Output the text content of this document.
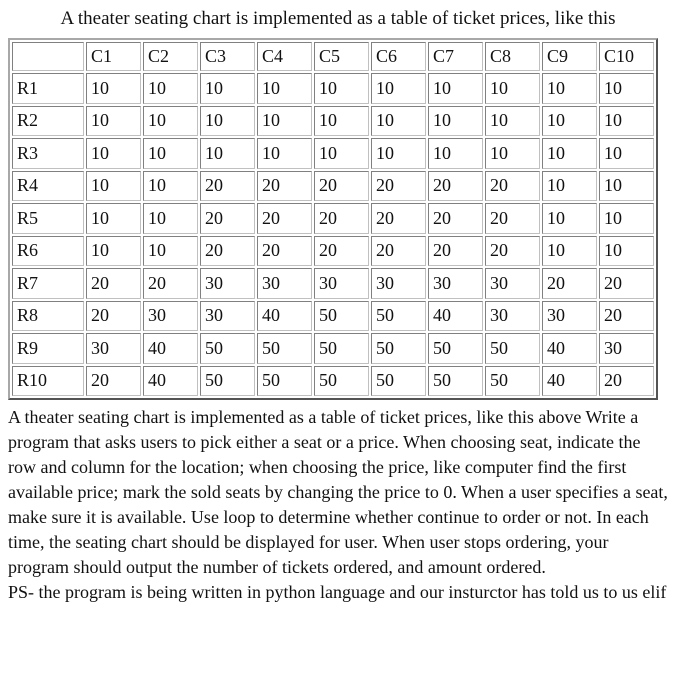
A theater seating chart is implemented as a table of ticket prices, like this
	C1	C2	C3	C4	C5	C6	C7	C8	C9	C10
R1	10	10	10	10	10	10	10	10	10	10
R2	10	10	10	10	10	10	10	10	10	10
R3	10	10	10	10	10	10	10	10	10	10
R4	10	10	20	20	20	20	20	20	10	10
R5	10	10	20	20	20	20	20	20	10	10
R6	10	10	20	20	20	20	20	20	10	10
R7	20	20	30	30	30	30	30	30	20	20
R8	20	30	30	40	50	50	40	30	30	20
R9	30	40	50	50	50	50	50	50	40	30
R10	20	40	50	50	50	50	50	50	40	20

A theater seating chart is implemented as a table of ticket prices, like this above Write a program that asks users to pick either a seat or a price. When choosing seat, indicate the row and column for the location; when choosing the price, like computer find the first available price; mark the sold seats by changing the price to 0. When a user specifies a seat, make sure it is available. Use loop to determine whether continue to order or not. In each time, the seating chart should be displayed for user. When user stops ordering, your program should output the number of tickets ordered, and amount ordered.

PS- the program is being written in python language and our insturctor has told us to us elif
